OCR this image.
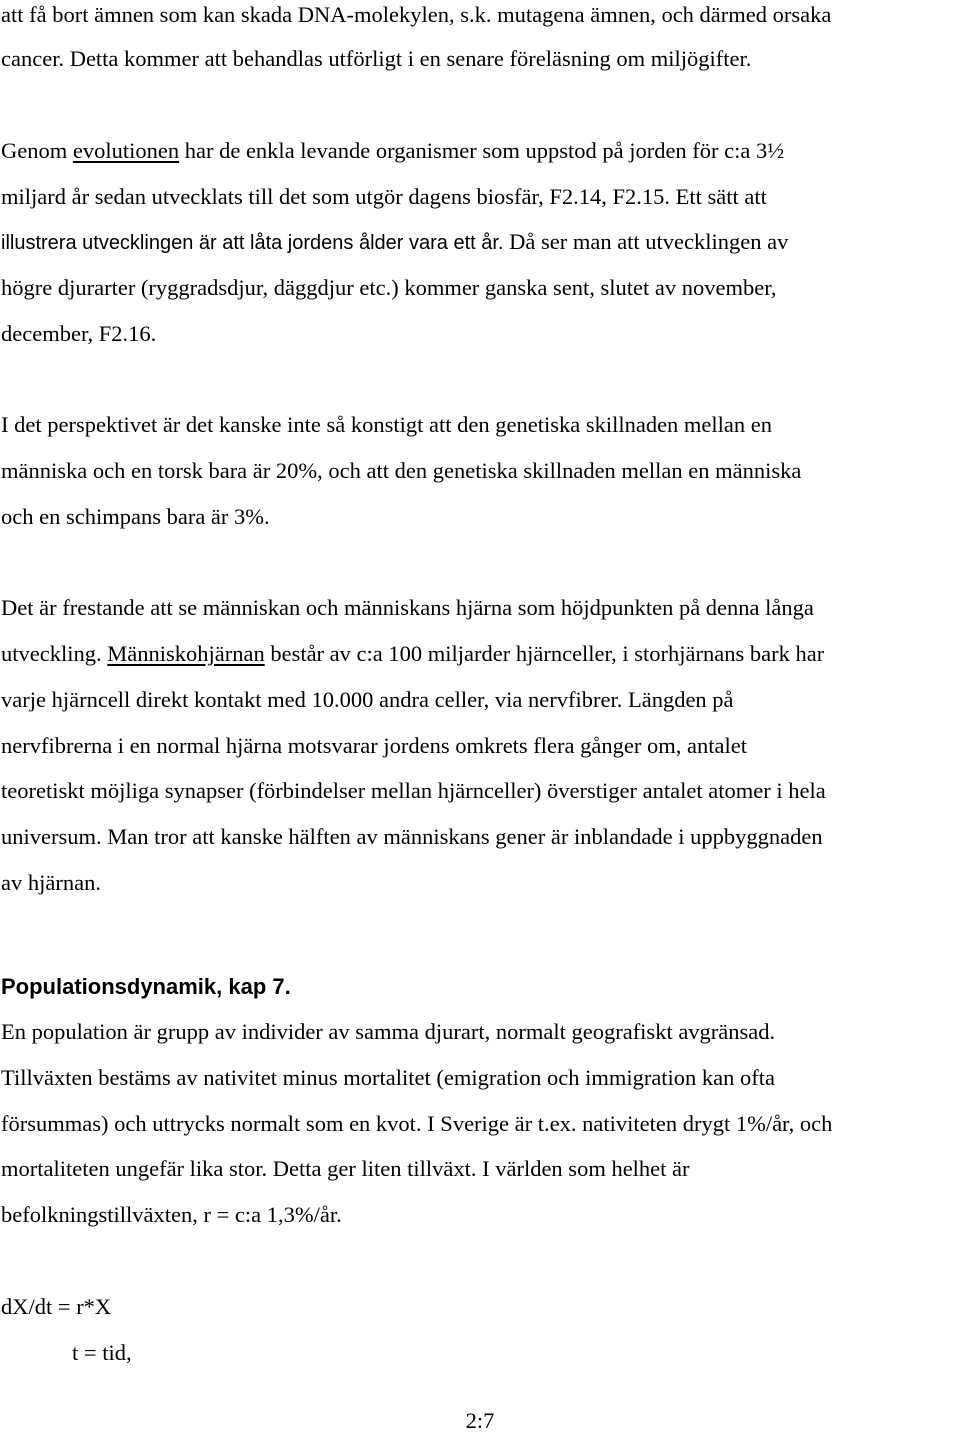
att få bort ämnen som kan skada DNA-molekylen, s.k. mutagena ämnen, och därmed orsaka
cancer. Detta kommer att behandlas utförligt i en senare föreläsning om miljögifter.
Genom evolutionen har de enkla levande organismer som uppstod på jorden för c:a 3½
miljard år sedan utvecklats till det som utgör dagens biosfär, F2.14, F2.15. Ett sätt att
illustrera utvecklingen är att låta jordens ålder vara ett år. Då ser man att utvecklingen av
högre djurarter (ryggradsdjur, däggdjur etc.) kommer ganska sent, slutet av november,
december, F2.16.
I det perspektivet är det kanske inte så konstigt att den genetiska skillnaden mellan en
människa och en torsk bara är 20%, och att den genetiska skillnaden mellan en människa
och en schimpans bara är 3%.
Det är frestande att se människan och människans hjärna som höjdpunkten på denna långa
utveckling. Människohjärnan består av c:a 100 miljarder hjärnceller, i storhjärnans bark har
varje hjärncell direkt kontakt med 10.000 andra celler, via nervfibrer. Längden på
nervfibrerna i en normal hjärna motsvarar jordens omkrets flera gånger om, antalet
teoretiskt möjliga synapser (förbindelser mellan hjärnceller) överstiger antalet atomer i hela
universum. Man tror att kanske hälften av människans gener är inblandade i uppbyggnaden
av hjärnan.
Populationsdynamik, kap 7.
En population är grupp av individer av samma djurart, normalt geografiskt avgränsad.
Tillväxten bestäms av nativitet minus mortalitet (emigration och immigration kan ofta
försummas) och uttrycks normalt som en kvot. I Sverige är t.ex. nativiteten drygt 1%/år, och
mortaliteten ungefär lika stor. Detta ger liten tillväxt. I världen som helhet är
befolkningstillväxten, r = c:a 1,3%/år.
dX/dt = r*X
t = tid,
2:7
